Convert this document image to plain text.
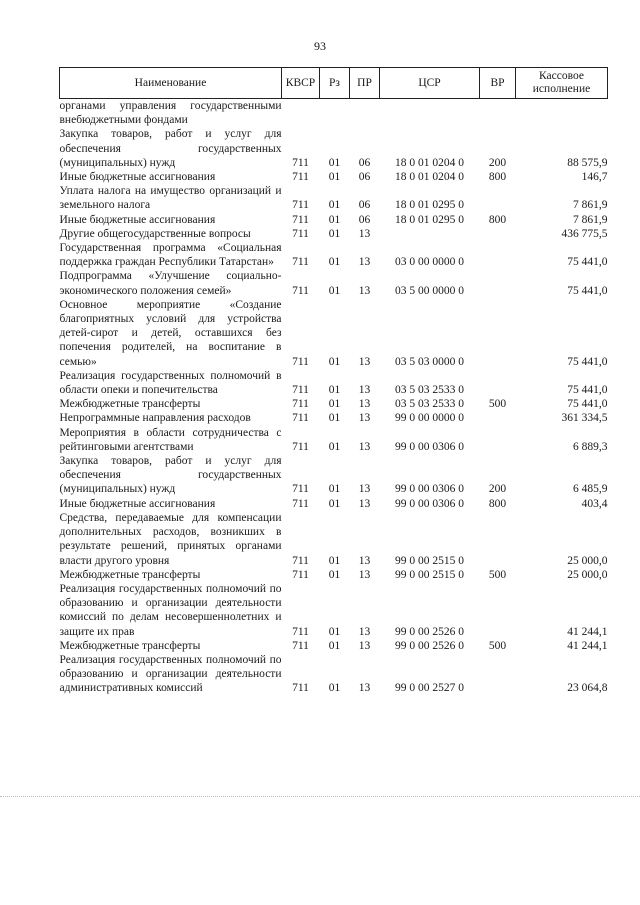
93
Наименование	КВСР	Рз	ПР	ЦСР	ВР	Кассовое исполнение
органами управления государственными внебюджетными фондами						
Закупка товаров, работ и услуг для обеспечения государственных (муниципальных) нужд	711	01	06	18 0 01 0204 0	200	88 575,9
Иные бюджетные ассигнования	711	01	06	18 0 01 0204 0	800	146,7
Уплата налога на имущество организаций и земельного налога	711	01	06	18 0 01 0295 0		7 861,9
Иные бюджетные ассигнования	711	01	06	18 0 01 0295 0	800	7 861,9
Другие общегосударственные вопросы	711	01	13			436 775,5
Государственная программа «Социальная поддержка граждан Республики Татарстан»	711	01	13	03 0 00 0000 0		75 441,0
Подпрограмма «Улучшение социально-экономического положения семей»	711	01	13	03 5 00 0000 0		75 441,0
Основное мероприятие «Создание благоприятных условий для устройства детей-сирот и детей, оставшихся без попечения родителей, на воспитание в семью»	711	01	13	03 5 03 0000 0		75 441,0
Реализация государственных полномочий в области опеки и попечительства	711	01	13	03 5 03 2533 0		75 441,0
Межбюджетные трансферты	711	01	13	03 5 03 2533 0	500	75 441,0
Непрограммные направления расходов	711	01	13	99 0 00 0000 0		361 334,5
Мероприятия в области сотрудничества с рейтинговыми агентствами	711	01	13	99 0 00 0306 0		6 889,3
Закупка товаров, работ и услуг для обеспечения государственных (муниципальных) нужд	711	01	13	99 0 00 0306 0	200	6 485,9
Иные бюджетные ассигнования	711	01	13	99 0 00 0306 0	800	403,4
Средства, передаваемые для компенсации дополнительных расходов, возникших в результате решений, принятых органами власти другого уровня	711	01	13	99 0 00 2515 0		25 000,0
Межбюджетные трансферты	711	01	13	99 0 00 2515 0	500	25 000,0
Реализация государственных полномочий по образованию и организации деятельности комиссий по делам несовершеннолетних и защите их прав	711	01	13	99 0 00 2526 0		41 244,1
Межбюджетные трансферты	711	01	13	99 0 00 2526 0	500	41 244,1
Реализация государственных полномочий по образованию и организации деятельности административных комиссий	711	01	13	99 0 00 2527 0		23 064,8
